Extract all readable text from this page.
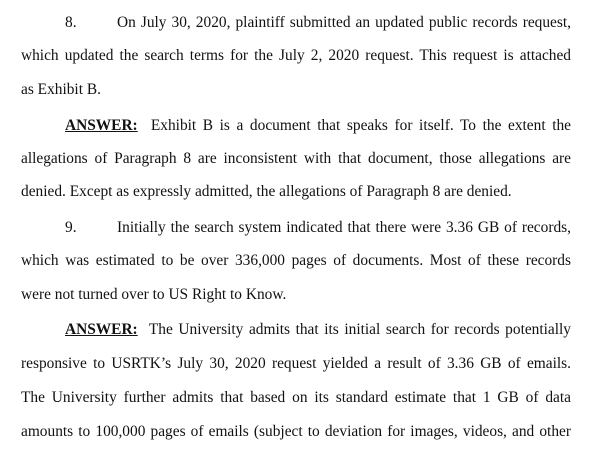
8.	On July 30, 2020, plaintiff submitted an updated public records request,
which updated the search terms for the July 2, 2020 request. This request is attached
as Exhibit B.
ANSWER: Exhibit B is a document that speaks for itself. To the extent the
allegations of Paragraph 8 are inconsistent with that document, those allegations are
denied. Except as expressly admitted, the allegations of Paragraph 8 are denied.
9.	Initially the search system indicated that there were 3.36 GB of records,
which was estimated to be over 336,000 pages of documents. Most of these records
were not turned over to US Right to Know.
ANSWER: The University admits that its initial search for records potentially
responsive to USRTK’s July 30, 2020 request yielded a result of 3.36 GB of emails.
The University further admits that based on its standard estimate that 1 GB of data
amounts to 100,000 pages of emails (subject to deviation for images, videos, and other
